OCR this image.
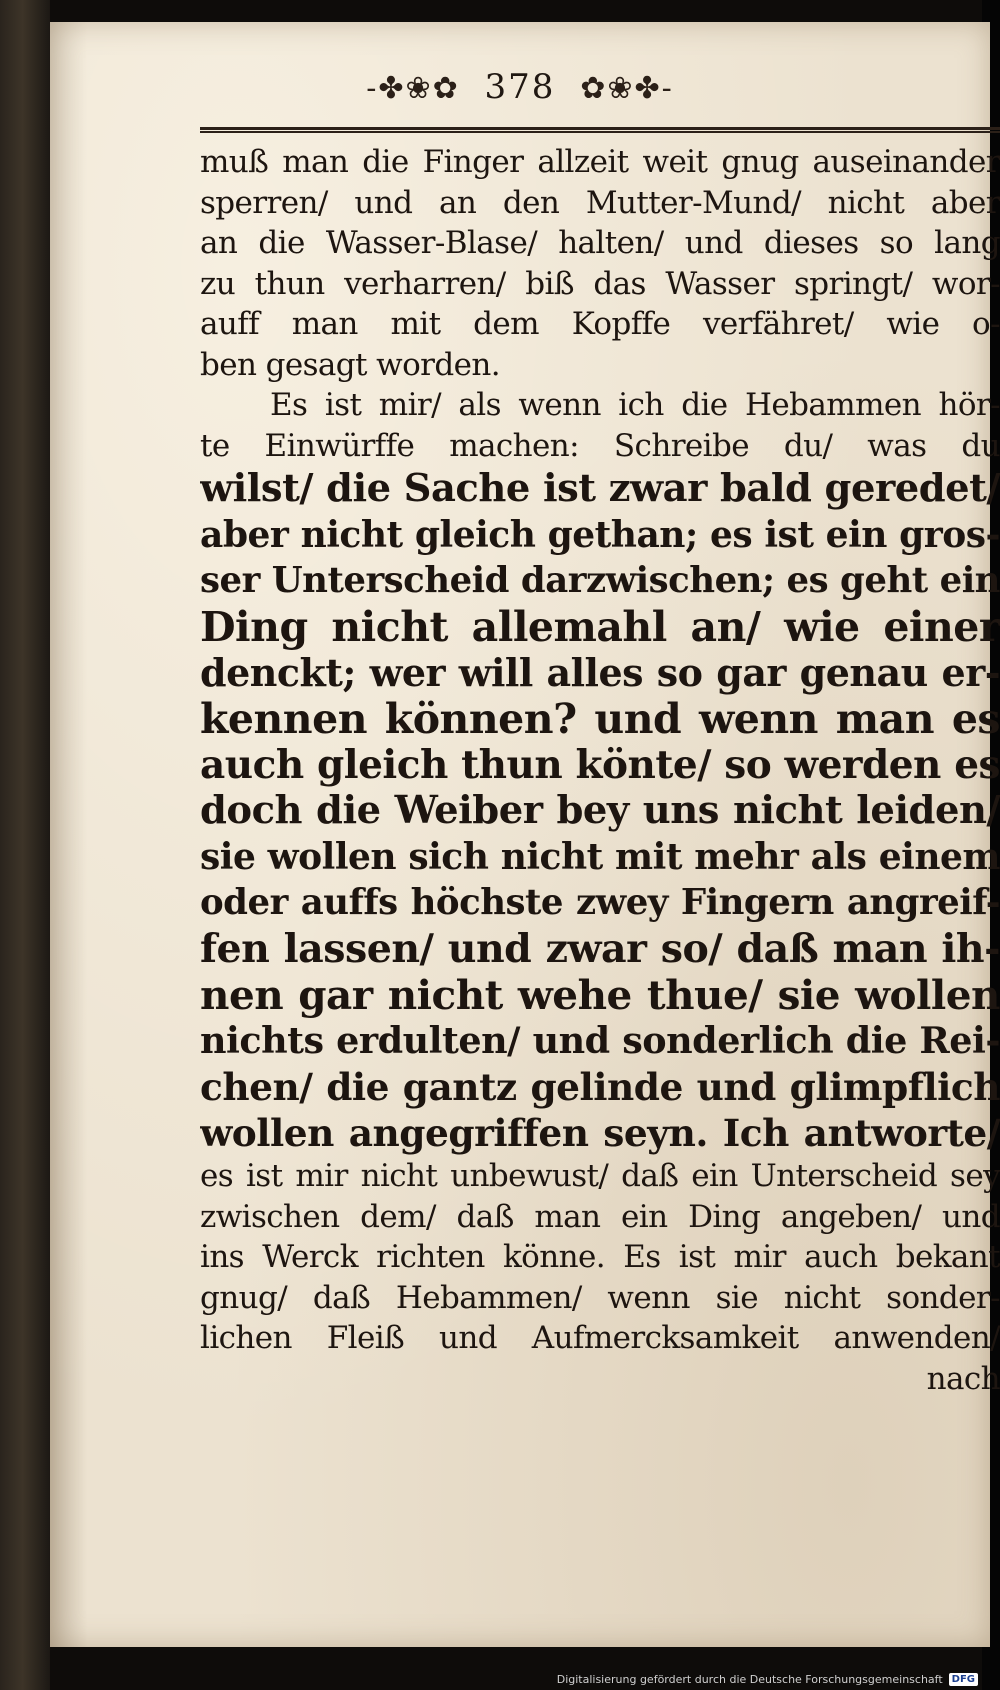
-✤❀✿ 378 ✿❀✤-
muß man die Finger allzeit weit gnug auseinander
sperren/ und an den Mutter-Mund/ nicht aber
an die Wasser-Blase/ halten/ und dieses so lang
zu thun verharren/ biß das Wasser springt/ wor-
auff man mit dem Kopffe verfähret/ wie o-
ben gesagt worden.
Es ist mir/ als wenn ich die Hebammen hör-
te Einwürffe machen: Schreibe du/ was du
wilst/ die Sache ist zwar bald geredet/
aber nicht gleich gethan; es ist ein gros-
ser Unterscheid darzwischen; es geht ein
Ding nicht allemahl an/ wie einer
denckt; wer will alles so gar genau er-
kennen können? und wenn man es
auch gleich thun könte/ so werden es
doch die Weiber bey uns nicht leiden/
sie wollen sich nicht mit mehr als einem
oder auffs höchste zwey Fingern angreif-
fen lassen/ und zwar so/ daß man ih-
nen gar nicht wehe thue/ sie wollen
nichts erdulten/ und sonderlich die Rei-
chen/ die gantz gelinde und glimpflich
wollen angegriffen seyn. Ich antworte/
es ist mir nicht unbewust/ daß ein Unterscheid sey
zwischen dem/ daß man ein Ding angeben/ und
ins Werck richten könne. Es ist mir auch bekant
gnug/ daß Hebammen/ wenn sie nicht sonder-
lichen Fleiß und Aufmercksamkeit anwenden/
nach
Digitalisierung gefördert durch die Deutsche Forschungsgemeinschaft DFG
